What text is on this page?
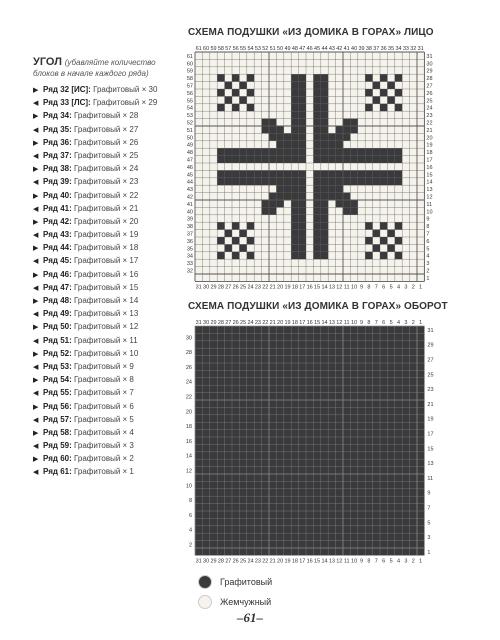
УГОЛ (убавляйте количество блоков в начале каждого ряда)
▶ Ряд 32 [ИС]: Графитовый × 30
◀ Ряд 33 [ЛС]: Графитовый × 29
▶ Ряд 34: Графитовый × 28
◀ Ряд 35: Графитовый × 27
▶ Ряд 36: Графитовый × 26
◀ Ряд 37: Графитовый × 25
▶ Ряд 38: Графитовый × 24
◀ Ряд 39: Графитовый × 23
▶ Ряд 40: Графитовый × 22
◀ Ряд 41: Графитовый × 21
▶ Ряд 42: Графитовый × 20
◀ Ряд 43: Графитовый × 19
▶ Ряд 44: Графитовый × 18
◀ Ряд 45: Графитовый × 17
▶ Ряд 46: Графитовый × 16
◀ Ряд 47: Графитовый × 15
▶ Ряд 48: Графитовый × 14
◀ Ряд 49: Графитовый × 13
▶ Ряд 50: Графитовый × 12
◀ Ряд 51: Графитовый × 11
▶ Ряд 52: Графитовый × 10
◀ Ряд 53: Графитовый × 9
▶ Ряд 54: Графитовый × 8
◀ Ряд 55: Графитовый × 7
▶ Ряд 56: Графитовый × 6
◀ Ряд 57: Графитовый × 5
▶ Ряд 58: Графитовый × 4
◀ Ряд 59: Графитовый × 3
▶ Ряд 60: Графитовый × 2
◀ Ряд 61: Графитовый × 1
СХЕМА ПОДУШКИ «ИЗ ДОМИКА В ГОРАХ» ЛИЦО
СХЕМА ПОДУШКИ «ИЗ ДОМИКА В ГОРАХ» ОБОРОТ
61 60 59 58 57 56 55 54 53 52 51 50 49 48 47 46 45 44 43 42 41 40 39 38 37 36 35 34 33 32 31
31 30 29 28 27 26 25 24 23 22 21 20 19 18 17 16 15 14 13 12 11 10 9 8 7 6 5 4 3 2 1
61
60
59
58
57
56
55
54
53
52
51
50
49
48
47
46
45
44
43
42
41
40
39
38
37
36
35
34
33
32
31
30
29
28
27
26
25
24
23
22
21
20
19
18
17
16
15
14
13
12
11
10
9
8
7
6
5
4
3
2
1
31 30 29 28 27 26 25 24 23 22 21 20 19 18 17 16 15 14 13 12 11 10 9 8 7 6 5 4 3 2 1
31 30 29 28 27 26 25 24 23 22 21 20 19 18 17 16 15 14 13 12 11 10 9 8 7 6 5 4 3 2 1
31
29
27
25
23
21
19
17
15
13
11
9
7
5
3
1
30
28
26
24
22
20
18
16
14
12
10
8
6
4
2
Графитовый
Жемчужный
–61–
